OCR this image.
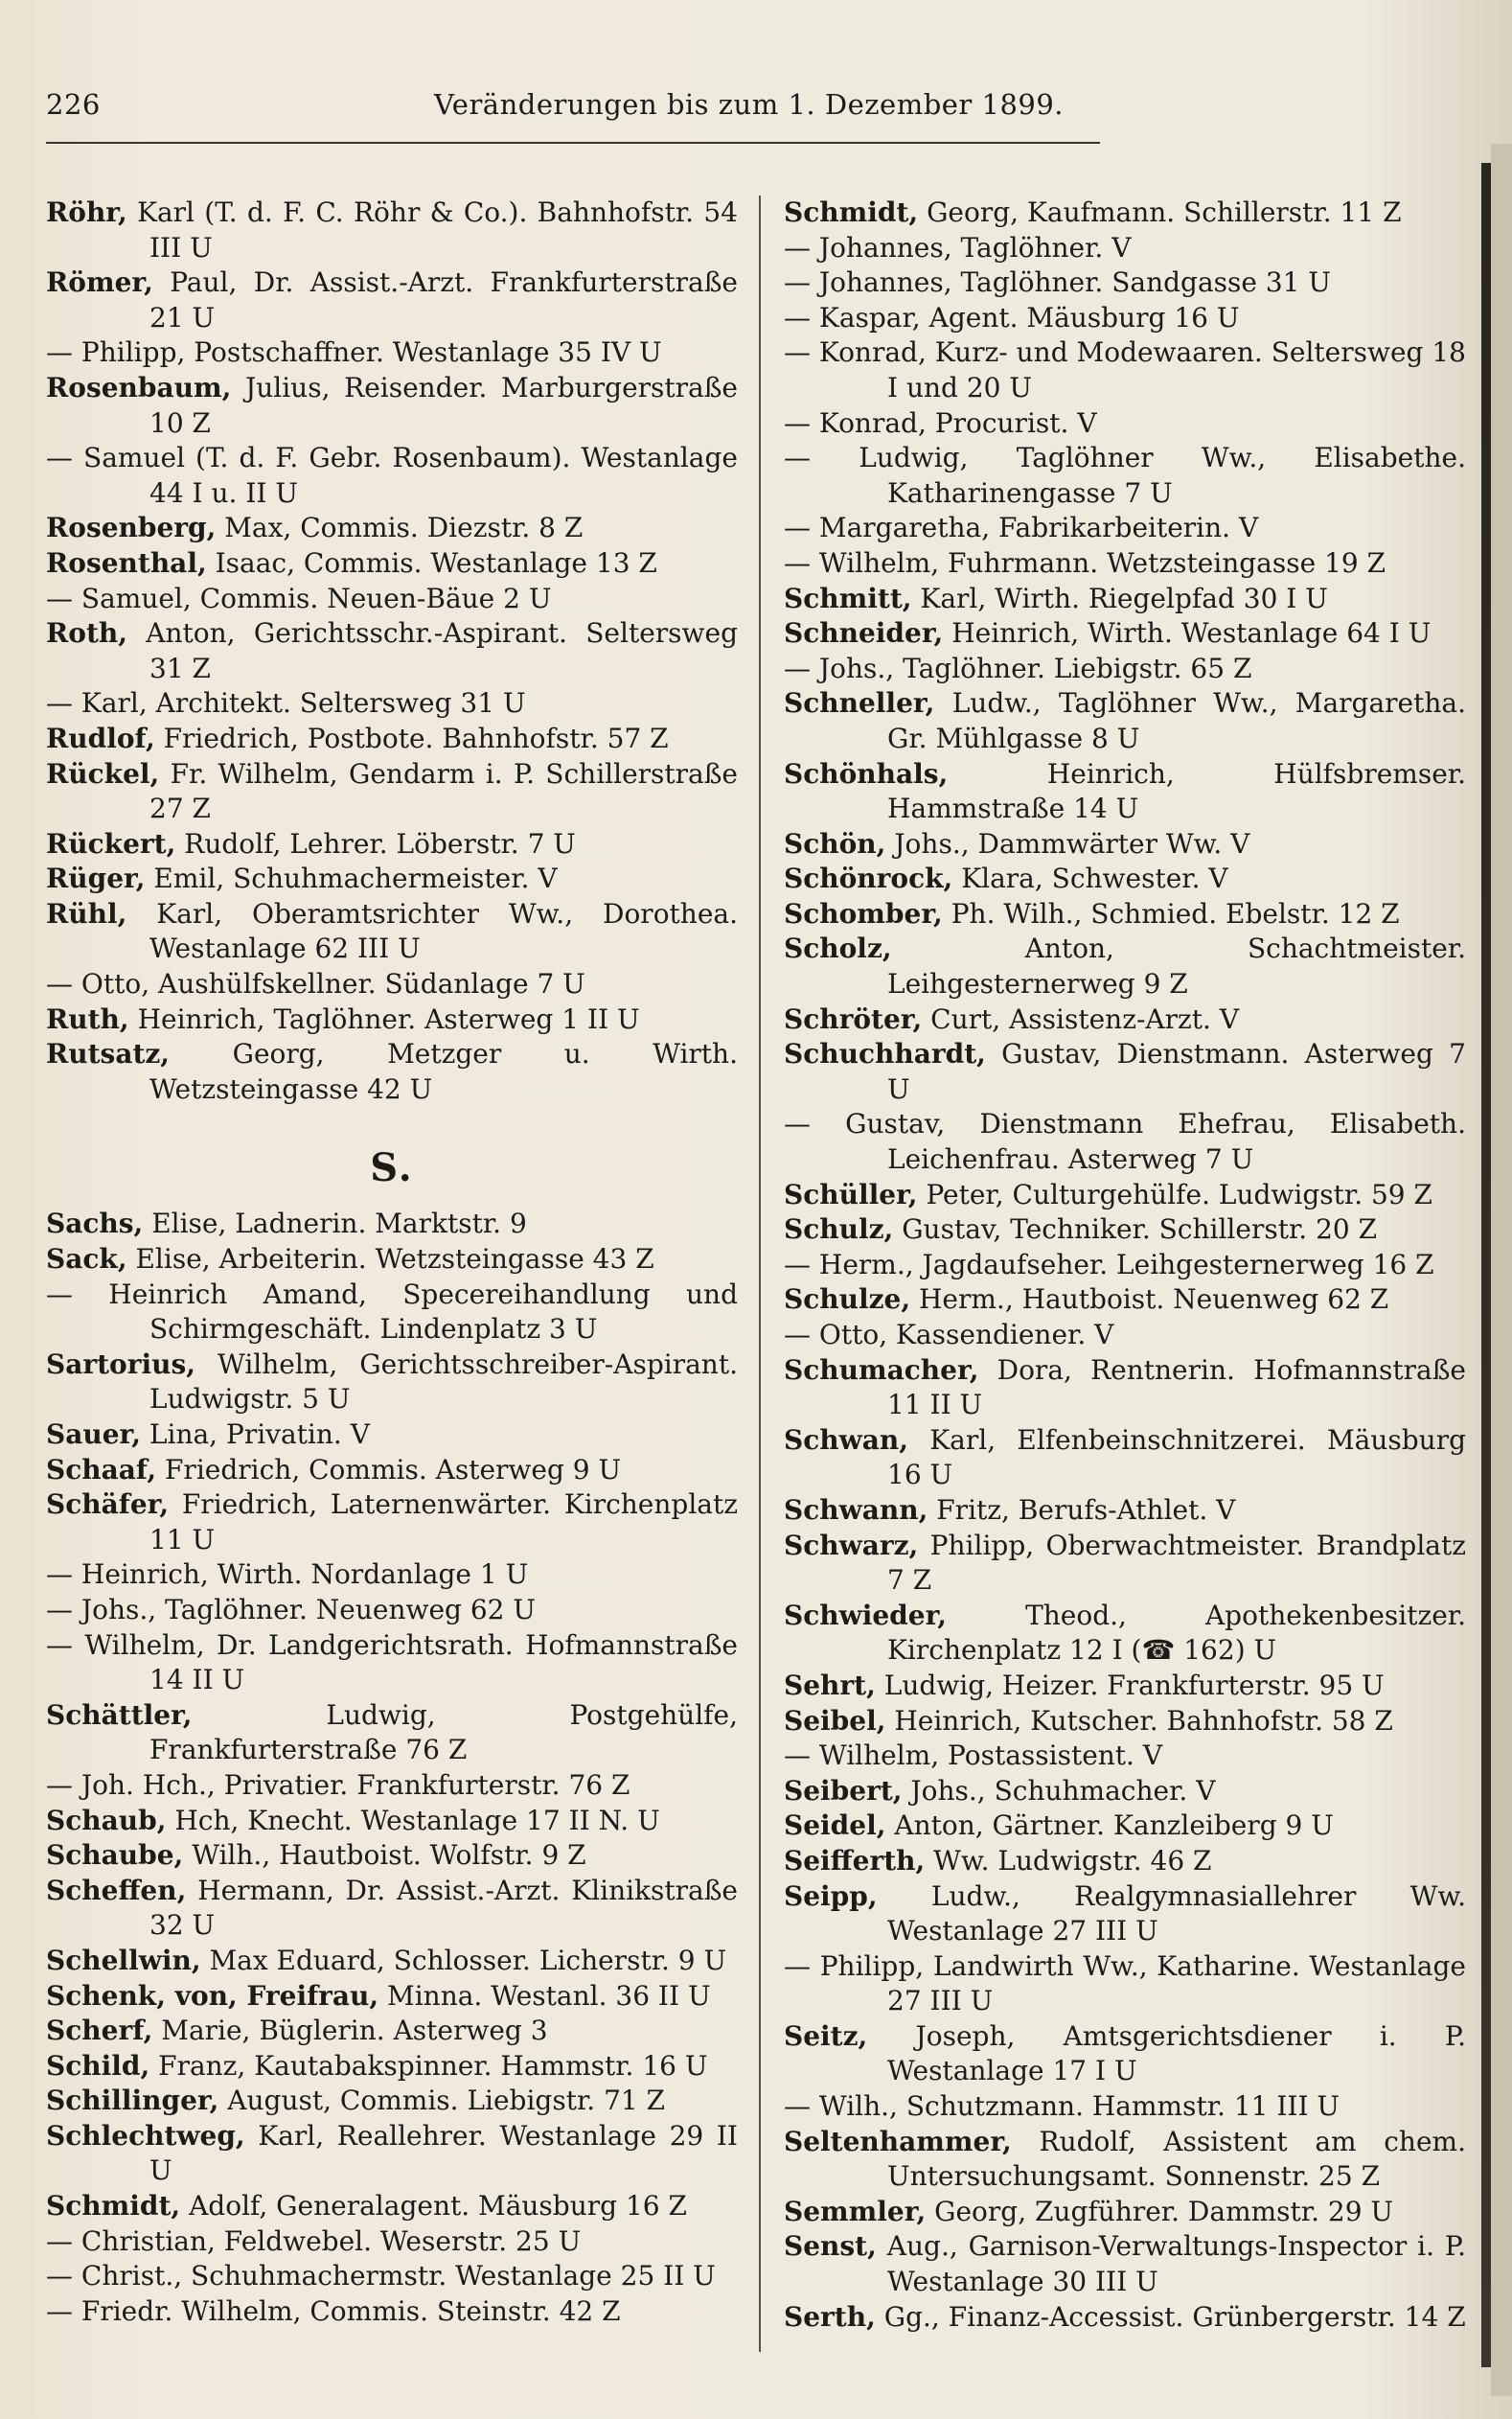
226	Veränderungen bis zum 1. Dezember 1899.

Röhr, Karl (T. d. F. C. Röhr & Co.). Bahnhofstr. 54 III U

Römer, Paul, Dr. Assist.-Arzt. Frankfurterstraße 21 U

— Philipp, Postschaffner. Westanlage 35 IV U

Rosenbaum, Julius, Reisender. Marburgerstraße 10 Z

— Samuel (T. d. F. Gebr. Rosenbaum). Westanlage 44 I u. II U

Rosenberg, Max, Commis. Diezstr. 8 Z

Rosenthal, Isaac, Commis. Westanlage 13 Z

— Samuel, Commis. Neuen-Bäue 2 U

Roth, Anton, Gerichtsschr.-Aspirant. Seltersweg 31 Z

— Karl, Architekt. Seltersweg 31 U

Rudlof, Friedrich, Postbote. Bahnhofstr. 57 Z

Rückel, Fr. Wilhelm, Gendarm i. P. Schillerstraße 27 Z

Rückert, Rudolf, Lehrer. Löberstr. 7 U

Rüger, Emil, Schuhmachermeister. V

Rühl, Karl, Oberamtsrichter Ww., Dorothea. Westanlage 62 III U

— Otto, Aushülfskellner. Südanlage 7 U

Ruth, Heinrich, Taglöhner. Asterweg 1 II U

Rutsatz, Georg, Metzger u. Wirth. Wetzsteingasse 42 U

S.

Sachs, Elise, Ladnerin. Marktstr. 9

Sack, Elise, Arbeiterin. Wetzsteingasse 43 Z

— Heinrich Amand, Specereihandlung und Schirmgeschäft. Lindenplatz 3 U

Sartorius, Wilhelm, Gerichtsschreiber-Aspirant. Ludwigstr. 5 U

Sauer, Lina, Privatin. V

Schaaf, Friedrich, Commis. Asterweg 9 U

Schäfer, Friedrich, Laternenwärter. Kirchenplatz 11 U

— Heinrich, Wirth. Nordanlage 1 U

— Johs., Taglöhner. Neuenweg 62 U

— Wilhelm, Dr. Landgerichtsrath. Hofmannstraße 14 II U

Schättler,	Ludwig, Postgehülfe, Frankfurterstraße 76 Z

— Joh. Hch., Privatier. Frankfurterstr. 76 Z

Schaub, Hch, Knecht. Westanlage 17 II N. U

Schaube, Wilh., Hautboist. Wolfstr. 9 Z

Scheffen, Hermann, Dr. Assist.-Arzt. Klinikstraße 32 U

Schellwin, Max Eduard, Schlosser. Licherstr. 9 U

Schenk, von, Freifrau, Minna. Westanl. 36 II U

Scherf, Marie, Büglerin. Asterweg 3

Schild, Franz, Kautabakspinner. Hammstr. 16 U

Schillinger, August, Commis. Liebigstr. 71 Z

Schlechtweg, Karl, Reallehrer. Westanlage 29 II U

Schmidt, Adolf, Generalagent. Mäusburg 16 Z

— Christian, Feldwebel. Weserstr. 25 U

— Christ., Schuhmachermstr. Westanlage 25 II U

— Friedr. Wilhelm, Commis. Steinstr. 42 Z

Schmidt, Georg, Kaufmann. Schillerstr. 11 Z

— Johannes, Taglöhner. V

— Johannes, Taglöhner. Sandgasse 31 U

— Kaspar, Agent. Mäusburg 16 U

— Konrad, Kurz- und Modewaaren. Seltersweg 18 I und 20 U

— Konrad, Procurist. V

— Ludwig, Taglöhner Ww., Elisabethe. Katharinengasse 7 U

— Margaretha, Fabrikarbeiterin. V

— Wilhelm, Fuhrmann. Wetzsteingasse 19 Z

Schmitt, Karl, Wirth. Riegelpfad 30 I U

Schneider, Heinrich, Wirth. Westanlage 64 I U

— Johs., Taglöhner. Liebigstr. 65 Z

Schneller, Ludw., Taglöhner Ww., Margaretha. Gr. Mühlgasse 8 U

Schönhals,	Heinrich, Hülfsbremser. Hammstraße 14 U

Schön, Johs., Dammwärter Ww. V

Schönrock, Klara, Schwester. V

Schomber, Ph. Wilh., Schmied. Ebelstr. 12 Z

Scholz,	Anton, Schachtmeister. Leihgesternerweg 9 Z

Schröter, Curt, Assistenz-Arzt. V

Schuchhardt, Gustav, Dienstmann. Asterweg 7 U

— Gustav, Dienstmann Ehefrau, Elisabeth. Leichenfrau. Asterweg 7 U

Schüller, Peter, Culturgehülfe. Ludwigstr. 59 Z

Schulz, Gustav, Techniker. Schillerstr. 20 Z

— Herm., Jagdaufseher. Leihgesternerweg 16 Z

Schulze, Herm., Hautboist. Neuenweg 62 Z

— Otto, Kassendiener. V

Schumacher, Dora, Rentnerin. Hofmannstraße 11 II U

Schwan, Karl, Elfenbeinschnitzerei. Mäusburg 16 U

Schwann, Fritz, Berufs-Athlet. V

Schwarz, Philipp, Oberwachtmeister. Brandplatz 7 Z

Schwieder,	Theod., Apothekenbesitzer. Kirchenplatz 12 I (☎ 162) U

Sehrt, Ludwig, Heizer. Frankfurterstr. 95 U

Seibel, Heinrich, Kutscher. Bahnhofstr. 58 Z

— Wilhelm, Postassistent. V

Seibert, Johs., Schuhmacher. V

Seidel, Anton, Gärtner. Kanzleiberg 9 U

Seifferth, Ww. Ludwigstr. 46 Z

Seipp, Ludw., Realgymnasiallehrer Ww. Westanlage 27 III U

— Philipp, Landwirth Ww., Katharine. Westanlage 27 III U

Seitz, Joseph, Amtsgerichtsdiener i. P. Westanlage 17 I U

— Wilh., Schutzmann. Hammstr. 11 III U

Seltenhammer, Rudolf, Assistent am chem. Untersuchungsamt. Sonnenstr. 25 Z

Semmler, Georg, Zugführer. Dammstr. 29 U

Senst, Aug., Garnison-Verwaltungs-Inspector i. P. Westanlage 30 III U

Serth, Gg., Finanz-Accessist. Grünbergerstr. 14 Z
